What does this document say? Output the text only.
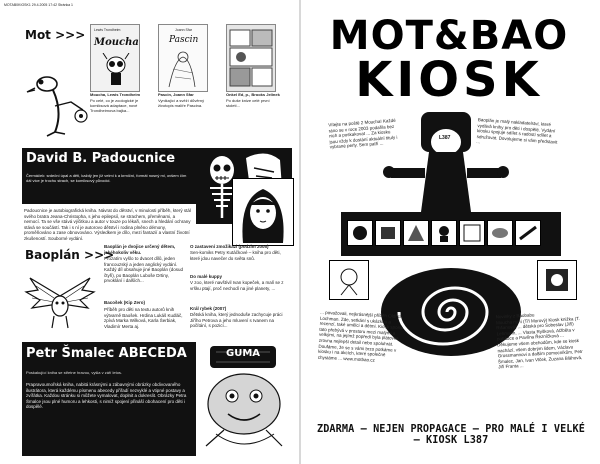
MOTAB0KIOSK1 29.4.2005 17:42 Stránka 1
Mot >>> Lewis Trondheim
Moucha
Moucha, Lewis Trondheim
Po celé, co je zoologické je komiksová adaptace, nové Trondheimova bajka...
Joann Sfar
Pascin
Pascin, Joann Sfar
Vynikající a svěží důvěrný životopis malíře Pascina.
Onkel Ed, p., Brooks Jelinek
Po duše knize celé první století...
David B. Padoucnice
Čermáček: srdeční úpal a děti, každý jen již velmi k a krmiční, formát nosný mi, ovšem čím dál více je trochu strach, se komiksový původci.
Padoucnice je autobiografická kniha. Návrat do dětství, v minulosti příběh, který stál svého bratra Jeana-Christopha, s jeho epilepsií, se strachem, přeměnami, a nemocí. Ta se vše stává výčitkou a autor v touze po lékaři, snech a hledání ochrany stává se součástí. Tak i s ní je autorovo dětství i rodina plněno démony, proměňováno a zase obnovováno. Výsledkem je dílo, mezi fantazií a vlastní životní zkušeností. Souborné vydání.
Baoplán >>>
Baoplán je dvojice určený dětem, jakéhokoliv věku.
Prozatím vyšlo to dvacet dílů, jeden francouzský a jeden anglický vydání. Každý díl obsahuje jiné Baoplán (dosud čtyři), po Baoplán Luboše Drtiny, prvoklání i dalších...
Bacošek (Kip Zero)
Příběh pro děti na textu autorů knih výtvarně Baošek. Hrdina Lukáš Kudláč, zpívá Marka Wilková, Karla Šerbiak, Vladimír Merta aj.
O zastavení zmožikázi (podzim 2005)
Sen-komiks Petry Kutáčkové – kniha pro děti, které jdou navečer do světa snů.
Do malé kuppy
V zoo, které navštívil Ivan kopeček, a malí se z vršku ptají, proč nechodí na jiné planety, ...
Král rybek (2007)
Dětská kniha, který jednoduše zachycuje práci Jiřího Petrova a jeho mluvení s Ivanem na počítání, s pozicí...
Petr Šmalec ABECEDA
Poskakující kniha se střetne hravou, vyšla v září letos.
Prapravoumořská kniha, nabitá krásnými a zábavnými obrázky obdivovaného ilustrátora, která každému písmenu abecedy přiřadí nezvyklé a vtipné postavy a zvířátka. Každou stránku si můžete vymalovat, doplnit a dokreslit. Obrázky Petra Šmalce jsou plné humoru a lehkosti, s nimiž spojení přináší obohacení pro děti i dospělé.
GUMA
MOT&BAO
KIOSK
Vítejte na poště 2 Moucha! Každé ráno se v roce 2003 podařila bez nich a poskakovat ... Za kiosku jsou vždy k dostání aktuální tituly i vybrané perly. Sem patří ...
Baoplán je malý nakladatelství, které vydává knihy pro děti i dospělé. Vydání kiosku spojuje sdílet s radostí sdílet a sdružovat. Dovolujeme si vám představit ...
L387
... považovali, nejkrásnější příběh Oldřich Lochman. Zde, setkání s ukázkou a recenzí, také umělci a dětmi. Kiosk spolek tato přebývá v prostoru mezi malými a velkými, na jejímž popředí byla plátovka zrovna nejlepší detail nebo spoluhrát. Doufáme, že se s vámi brzo potkáme v kiosku i na akcích, které společně chystáme ... www.motbao.cz
Novinky z Baobabu
Moucha nyní (Tři Morový) Kiosk knižka (T. Rišanová) ... dětská pro Sobeslav (Jiří) Lehmann, ... Vlasta Ryšková, Alžběta v pohádce a Pavlína Řezníčková ...
Děkujeme všem obchodům, kde se kiosk nachází, všem dobrým lidem, Václavu Grossmannovi a dalším pomocníkům, Petr Šmalec, Jan, Ivan Vlček, Zuzana Bláhová, Jiří Franta ...
ZDARMA – NEJEN PROPAGACE – PRO MALÉ I VELKÉ – KIOSK L387
